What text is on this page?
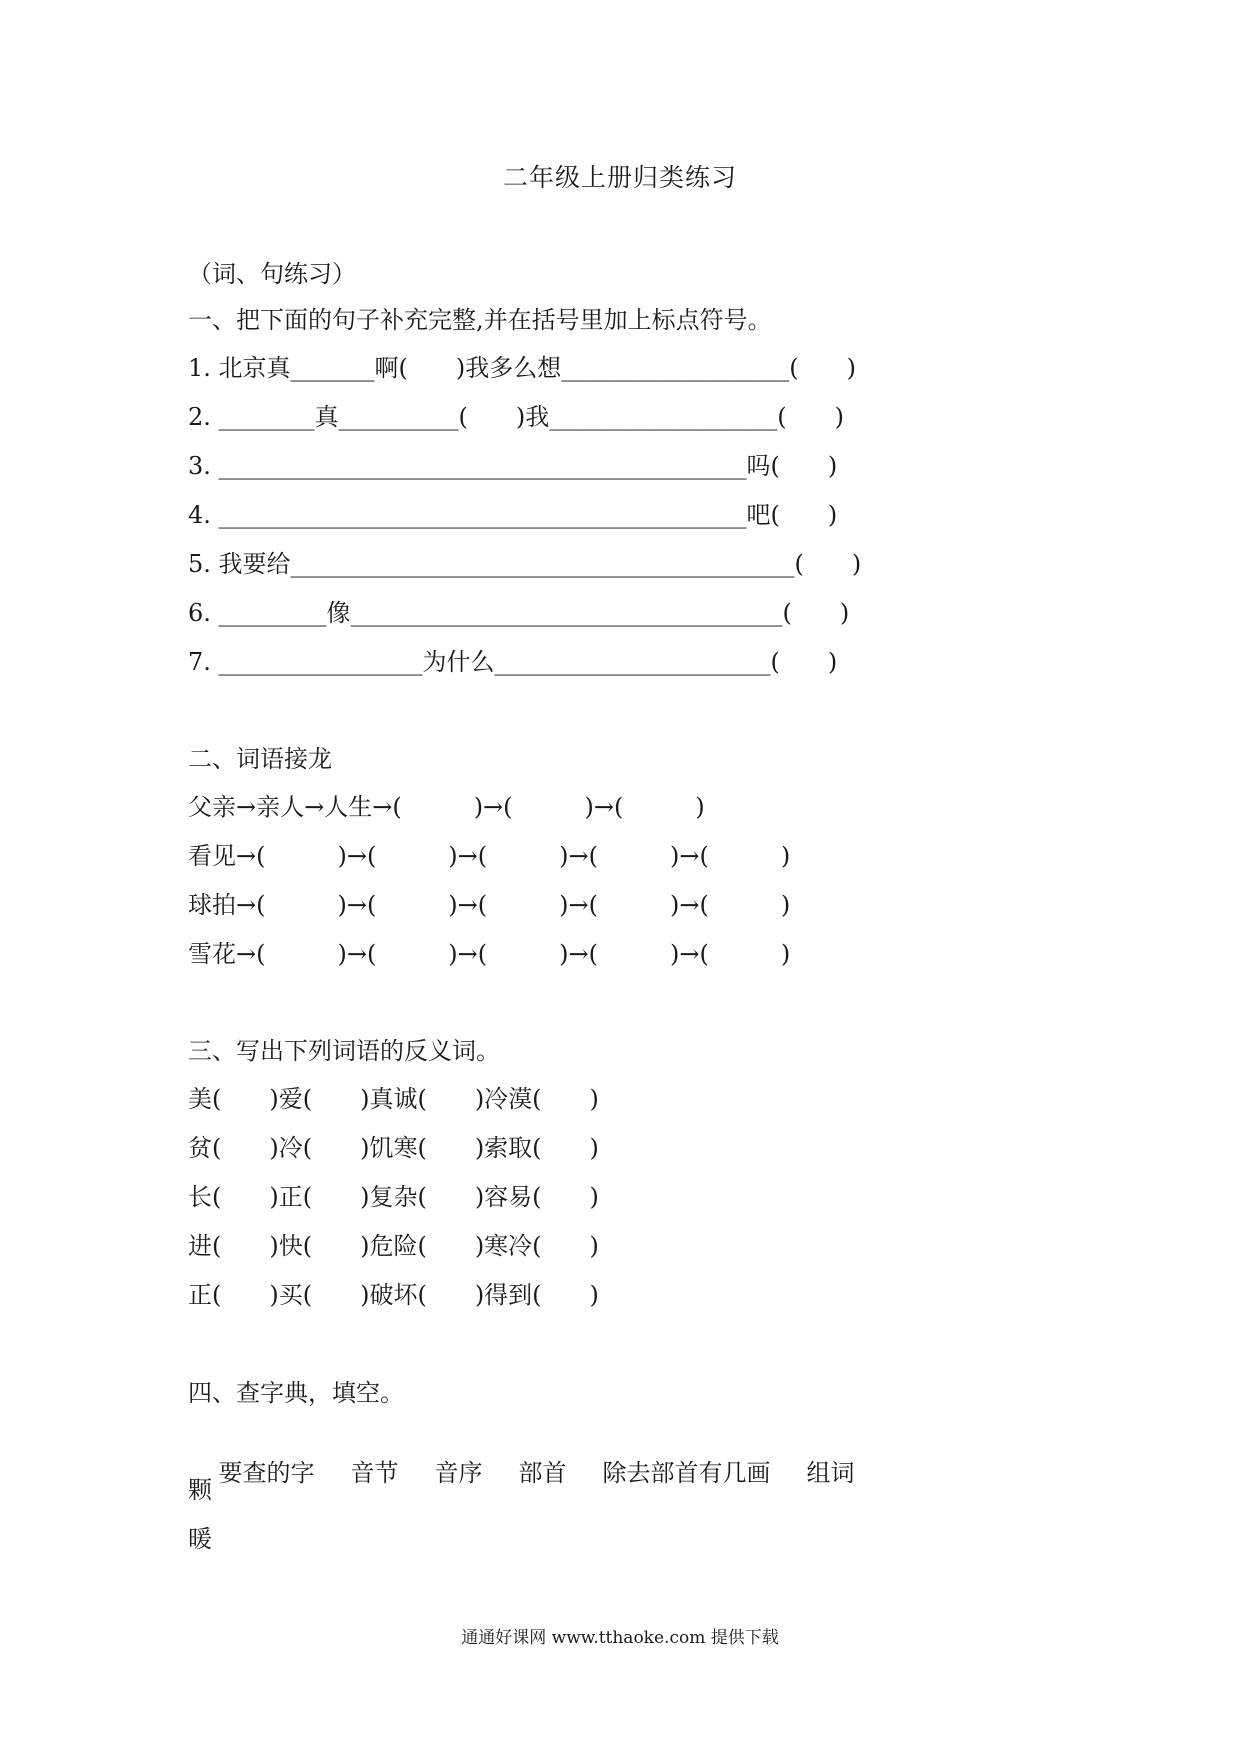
二年级上册归类练习
（词、句练习）
一、把下面的句子补充完整,并在括号里加上标点符号。
1. 北京真_______啊(　　)我多么想___________________(　　)
2. ________真__________(　　)我___________________(　　)
3. ____________________________________________吗(　　)
4. ____________________________________________吧(　　)
5. 我要给__________________________________________(　　)
6. _________像____________________________________(　　)
7. _________________为什么_______________________(　　)
二、词语接龙
父亲→亲人→人生→(　　　)→(　　　)→(　　　)
看见→(　　　)→(　　　)→(　　　)→(　　　)→(　　　)
球拍→(　　　)→(　　　)→(　　　)→(　　　)→(　　　)
雪花→(　　　)→(　　　)→(　　　)→(　　　)→(　　　)
三、写出下列词语的反义词。
美(　　)爱(　　)真诚(　　)冷漠(　　)
贫(　　)冷(　　)饥寒(　　)索取(　　)
长(　　)正(　　)复杂(　　)容易(　　)
进(　　)快(　　)危险(　　)寒冷(　　)
正(　　)买(　　)破坏(　　)得到(　　)
四、查字典，填空。

要查的字 音节 音序 部首 除去部首有几画 组词

颗
暖
通通好课网 www.tthaoke.com 提供下载
